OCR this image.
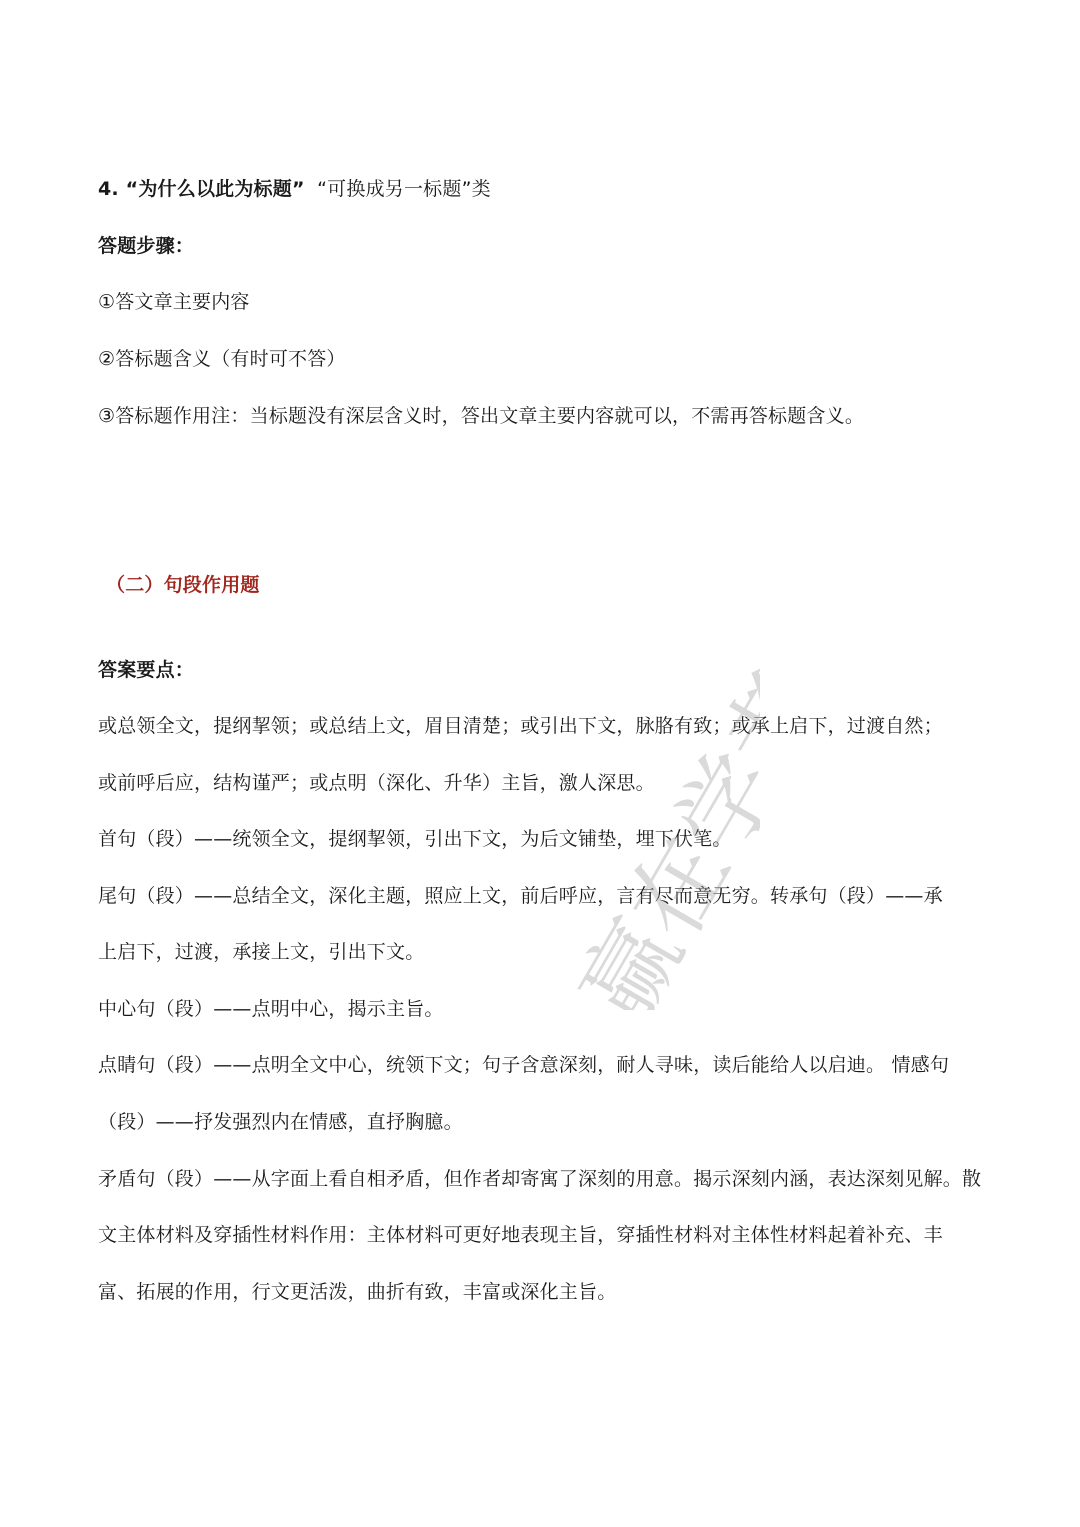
4. “为什么以此为标题” “可换成另一标题”类
答题步骤：
①答文章主要内容
②答标题含义（有时可不答）
③答标题作用注：当标题没有深层含义时，答出文章主要内容就可以，不需再答标题含义。
（二）句段作用题
答案要点：
或总领全文，提纲挈领；或总结上文，眉目清楚；或引出下文，脉胳有致；或承上启下，过渡自然；
或前呼后应，结构谨严；或点明（深化、升华）主旨，激人深思。
首句（段）——统领全文，提纲挈领，引出下文，为后文铺垫，埋下伏笔。
尾句（段）——总结全文，深化主题，照应上文，前后呼应，言有尽而意无穷。转承句（段）——承
上启下，过渡，承接上文，引出下文。
中心句（段）——点明中心，揭示主旨。
点睛句（段）——点明全文中心，统领下文；句子含意深刻，耐人寻味，读后能给人以启迪。 情感句
（段）——抒发强烈内在情感，直抒胸臆。
矛盾句（段）——从字面上看自相矛盾，但作者却寄寓了深刻的用意。揭示深刻内涵，表达深刻见解。散
文主体材料及穿插性材料作用：主体材料可更好地表现主旨，穿插性材料对主体性材料起着补充、丰
富、拓展的作用，行文更活泼，曲折有致，丰富或深化主旨。
赢在学考
